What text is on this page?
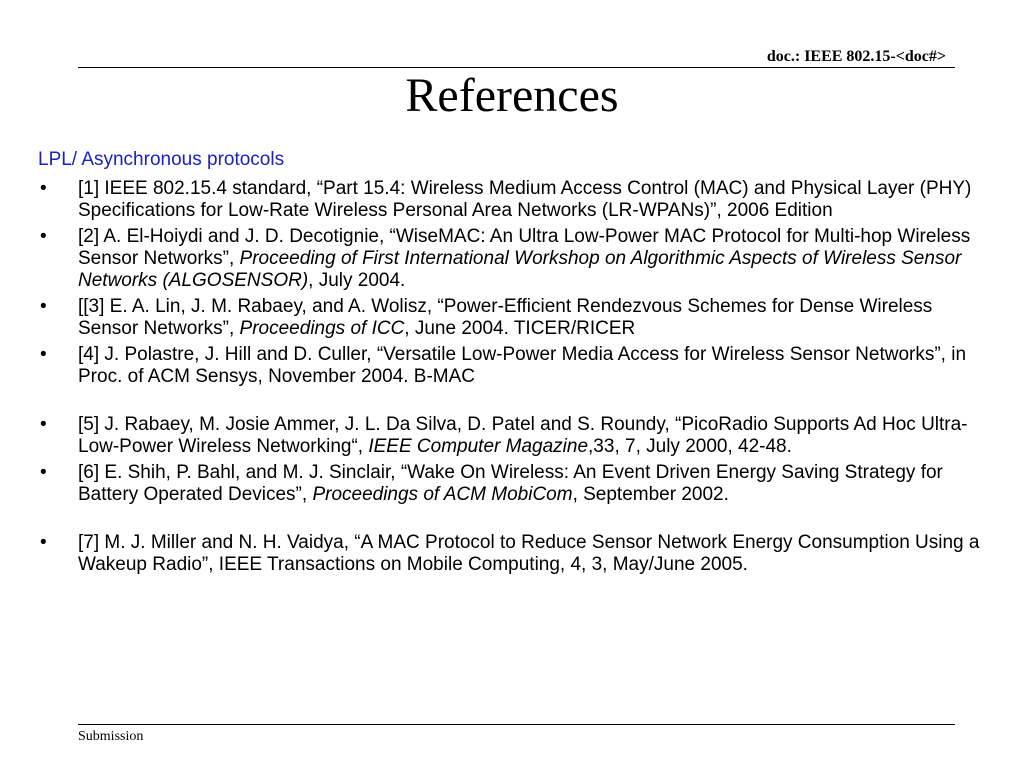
doc.: IEEE 802.15-<doc#>
References
LPL/ Asynchronous protocols
•	[1] IEEE 802.15.4 standard, “Part 15.4: Wireless Medium Access Control (MAC) and Physical Layer (PHY) Specifications for Low-Rate Wireless Personal Area Networks (LR-WPANs)”, 2006 Edition
•	[2] A. El-Hoiydi and J. D. Decotignie, “WiseMAC: An Ultra Low-Power MAC Protocol for Multi-hop Wireless Sensor Networks”, Proceeding of First International Workshop on Algorithmic Aspects of Wireless Sensor Networks (ALGOSENSOR), July 2004.
•	[[3] E. A. Lin, J. M. Rabaey, and A. Wolisz, “Power-Efficient Rendezvous Schemes for Dense Wireless Sensor Networks”, Proceedings of ICC, June 2004. TICER/RICER
•	[4] J. Polastre, J. Hill and D. Culler, “Versatile Low-Power Media Access for Wireless Sensor Networks”, in Proc. of ACM Sensys, November 2004. B-MAC
•	[5] J. Rabaey, M. Josie Ammer, J. L. Da Silva, D. Patel and S. Roundy, “PicoRadio Supports Ad Hoc Ultra-Low-Power Wireless Networking“, IEEE Computer Magazine,33, 7, July 2000, 42-48.
•	[6] E. Shih, P. Bahl, and M. J. Sinclair, “Wake On Wireless: An Event Driven Energy Saving Strategy for Battery Operated Devices”, Proceedings of ACM MobiCom, September 2002.
•	[7] M. J. Miller and N. H. Vaidya, “A MAC Protocol to Reduce Sensor Network Energy Consumption Using a Wakeup Radio”, IEEE Transactions on Mobile Computing, 4, 3, May/June 2005.
Submission
